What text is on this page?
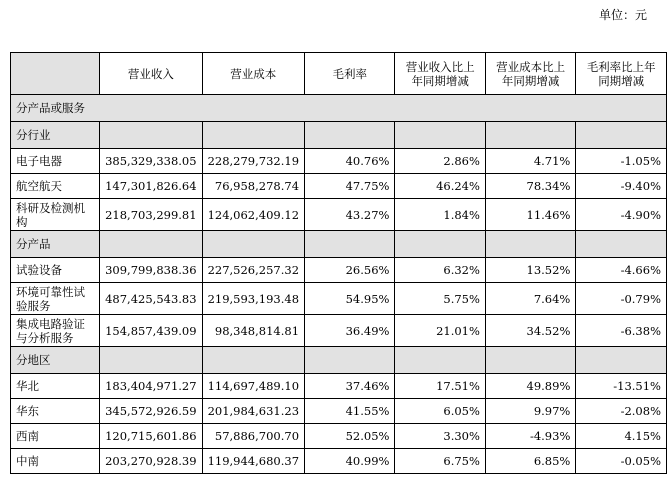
单位：元
	营业收入	营业成本	毛利率	营业收入比上年同期增减	营业成本比上年同期增减	毛利率比上年同期增减
分产品或服务						
分行业						
电子电器	385,329,338.05	228,279,732.19	40.76%	2.86%	4.71%	-1.05%
航空航天	147,301,826.64	76,958,278.74	47.75%	46.24%	78.34%	-9.40%
科研及检测机构	218,703,299.81	124,062,409.12	43.27%	1.84%	11.46%	-4.90%
分产品						
试验设备	309,799,838.36	227,526,257.32	26.56%	6.32%	13.52%	-4.66%
环境可靠性试验服务	487,425,543.83	219,593,193.48	54.95%	5.75%	7.64%	-0.79%
集成电路验证与分析服务	154,857,439.09	98,348,814.81	36.49%	21.01%	34.52%	-6.38%
分地区						
华北	183,404,971.27	114,697,489.10	37.46%	17.51%	49.89%	-13.51%
华东	345,572,926.59	201,984,631.23	41.55%	6.05%	9.97%	-2.08%
西南	120,715,601.86	57,886,700.70	52.05%	3.30%	-4.93%	4.15%
中南	203,270,928.39	119,944,680.37	40.99%	6.75%	6.85%	-0.05%
